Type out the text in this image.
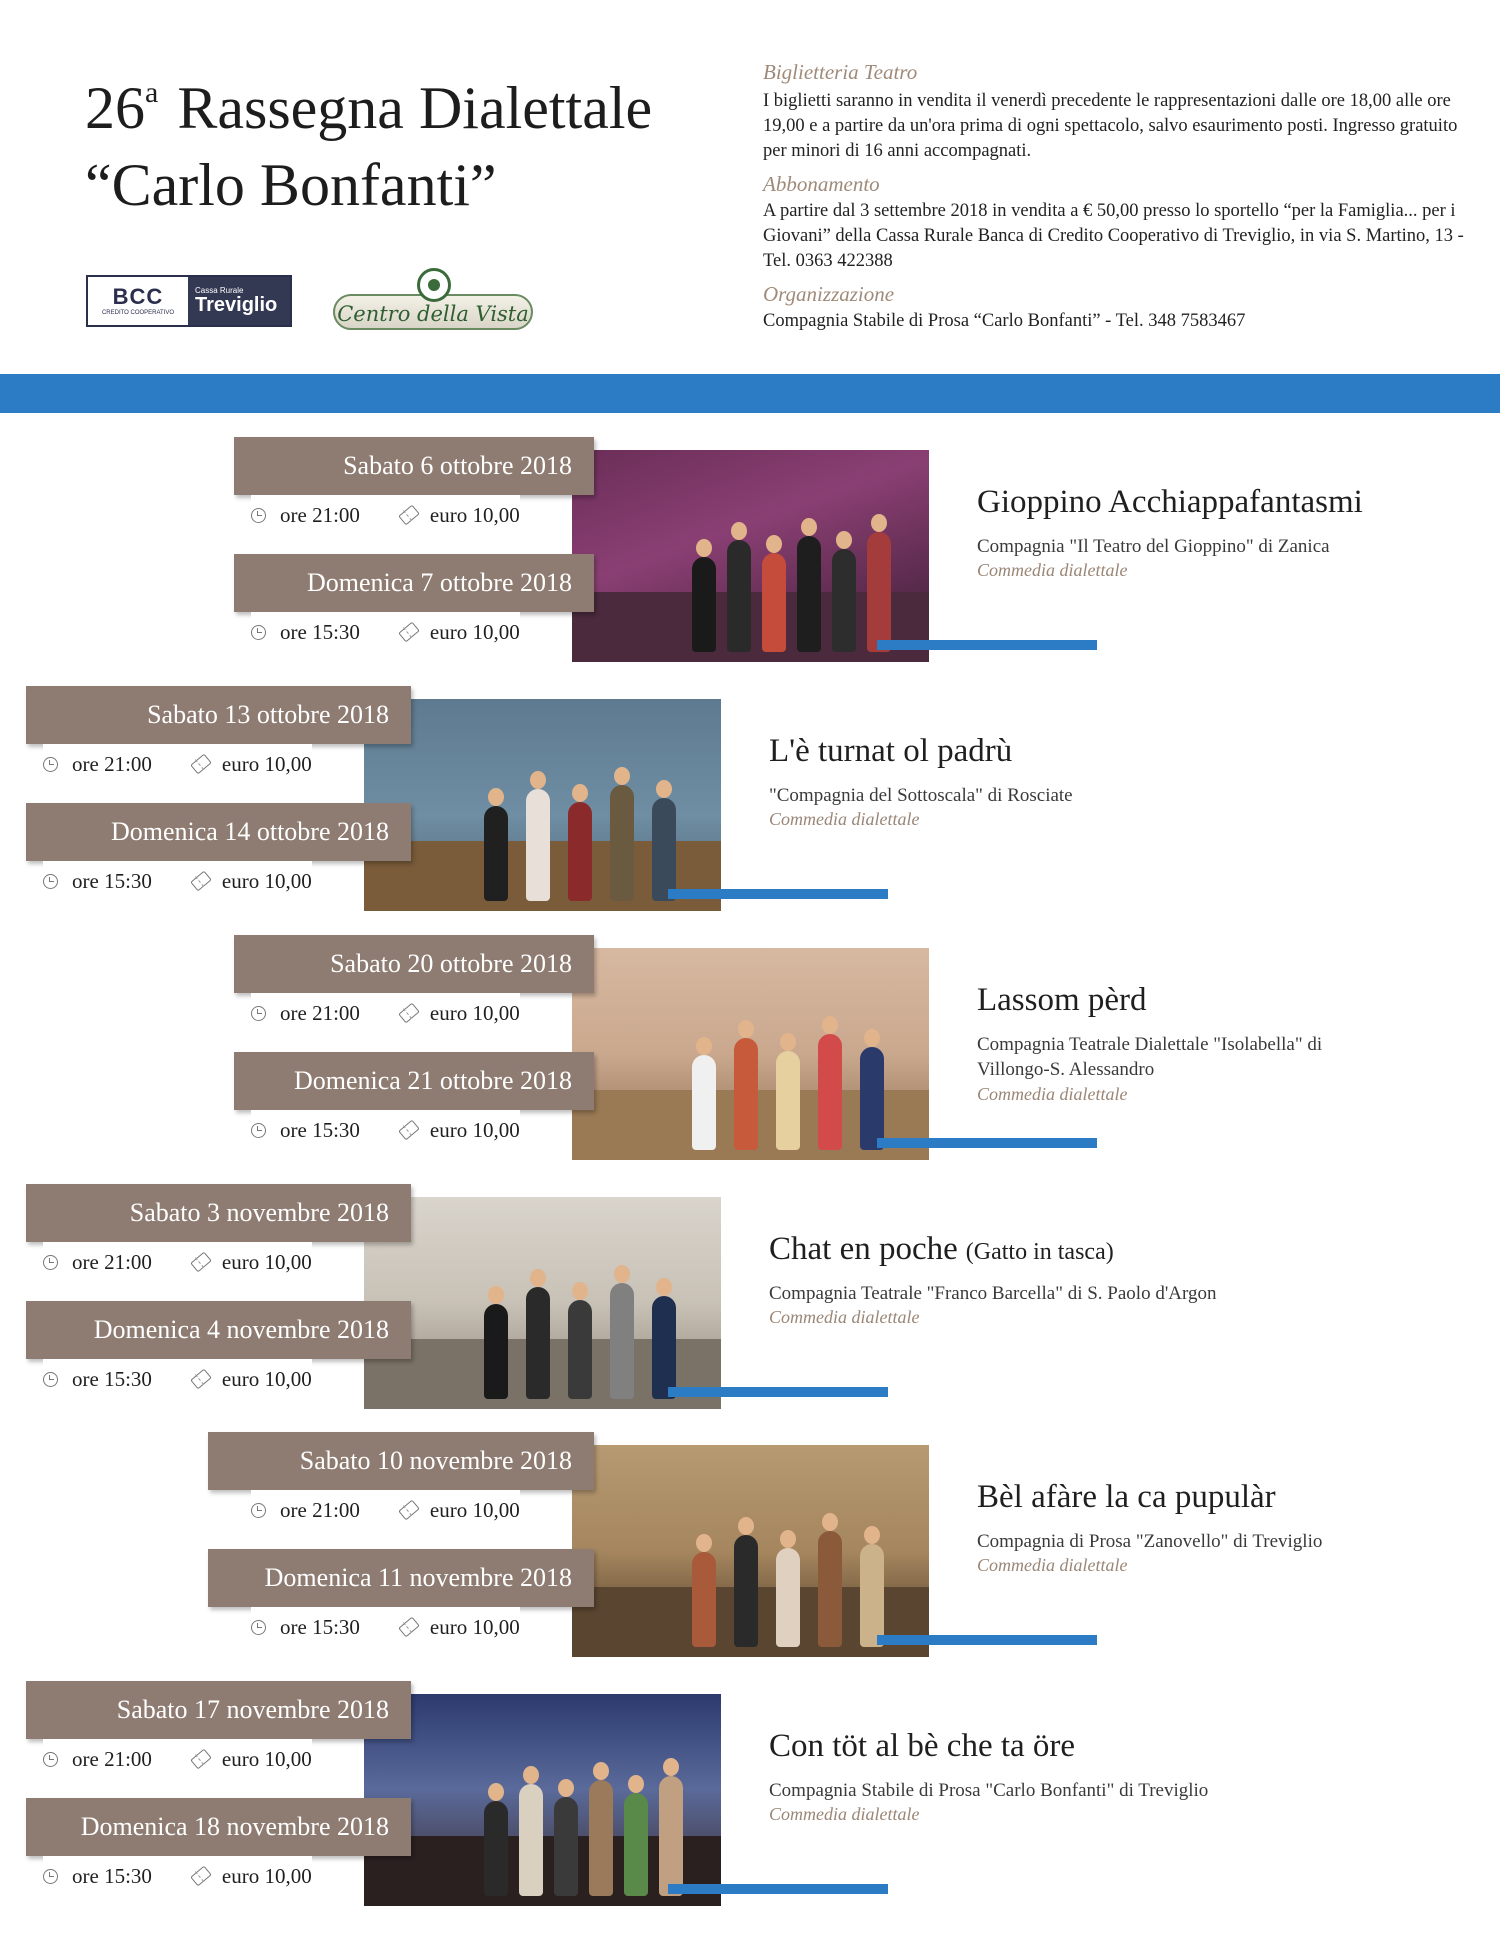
26$^a$ Rassegna Dialettale
“Carlo Bonfanti”
BCC
CREDITO COOPERATIVO
Cassa Rurale
Treviglio	Centro della Vista
Biglietteria Teatro
I biglietti saranno in vendita il venerdì precedente le rappresentazioni dalle ore 18,00 alle ore 19,00 e a partire da un'ora prima di ogni spettacolo, salvo esaurimento posti. Ingresso gratuito per minori di 16 anni accompagnati.
Abbonamento
A partire dal 3 settembre 2018 in vendita a € 50,00 presso lo sportello “per la Famiglia... per i Giovani” della Cassa Rurale Banca di Credito Cooperativo di Treviglio, in via S. Martino, 13 - Tel. 0363 422388
Organizzazione
Compagnia Stabile di Prosa “Carlo Bonfanti” - Tel. 348 7583467
Sabato 6 ottobre 2018
Domenica 7 ottobre 2018
ore 21:00	euro 10,00
ore 15:30	euro 10,00
Gioppino Acchiappafantasmi
Compagnia "Il Teatro del Gioppino" di Zanica
Commedia dialettale
Sabato 13 ottobre 2018
Domenica 14 ottobre 2018
ore 21:00	euro 10,00
ore 15:30	euro 10,00
L'è turnat ol padrù
"Compagnia del Sottoscala" di Rosciate
Commedia dialettale
Sabato 20 ottobre 2018
Domenica 21 ottobre 2018
ore 21:00	euro 10,00
ore 15:30	euro 10,00
Lassom pèrd
Compagnia Teatrale Dialettale "Isolabella" di Villongo-S. Alessandro
Commedia dialettale
Sabato 3 novembre 2018
Domenica 4 novembre 2018
ore 21:00	euro 10,00
ore 15:30	euro 10,00
Chat en poche (Gatto in tasca)
Compagnia Teatrale "Franco Barcella" di S. Paolo d'Argon
Commedia dialettale
Sabato 10 novembre 2018
Domenica 11 novembre 2018
ore 21:00	euro 10,00
ore 15:30	euro 10,00
Bèl afàre la ca pupulàr
Compagnia di Prosa "Zanovello" di Treviglio
Commedia dialettale
Sabato 17 novembre 2018
Domenica 18 novembre 2018
ore 21:00	euro 10,00
ore 15:30	euro 10,00
Con töt al bè che ta öre
Compagnia Stabile di Prosa "Carlo Bonfanti" di Treviglio
Commedia dialettale
